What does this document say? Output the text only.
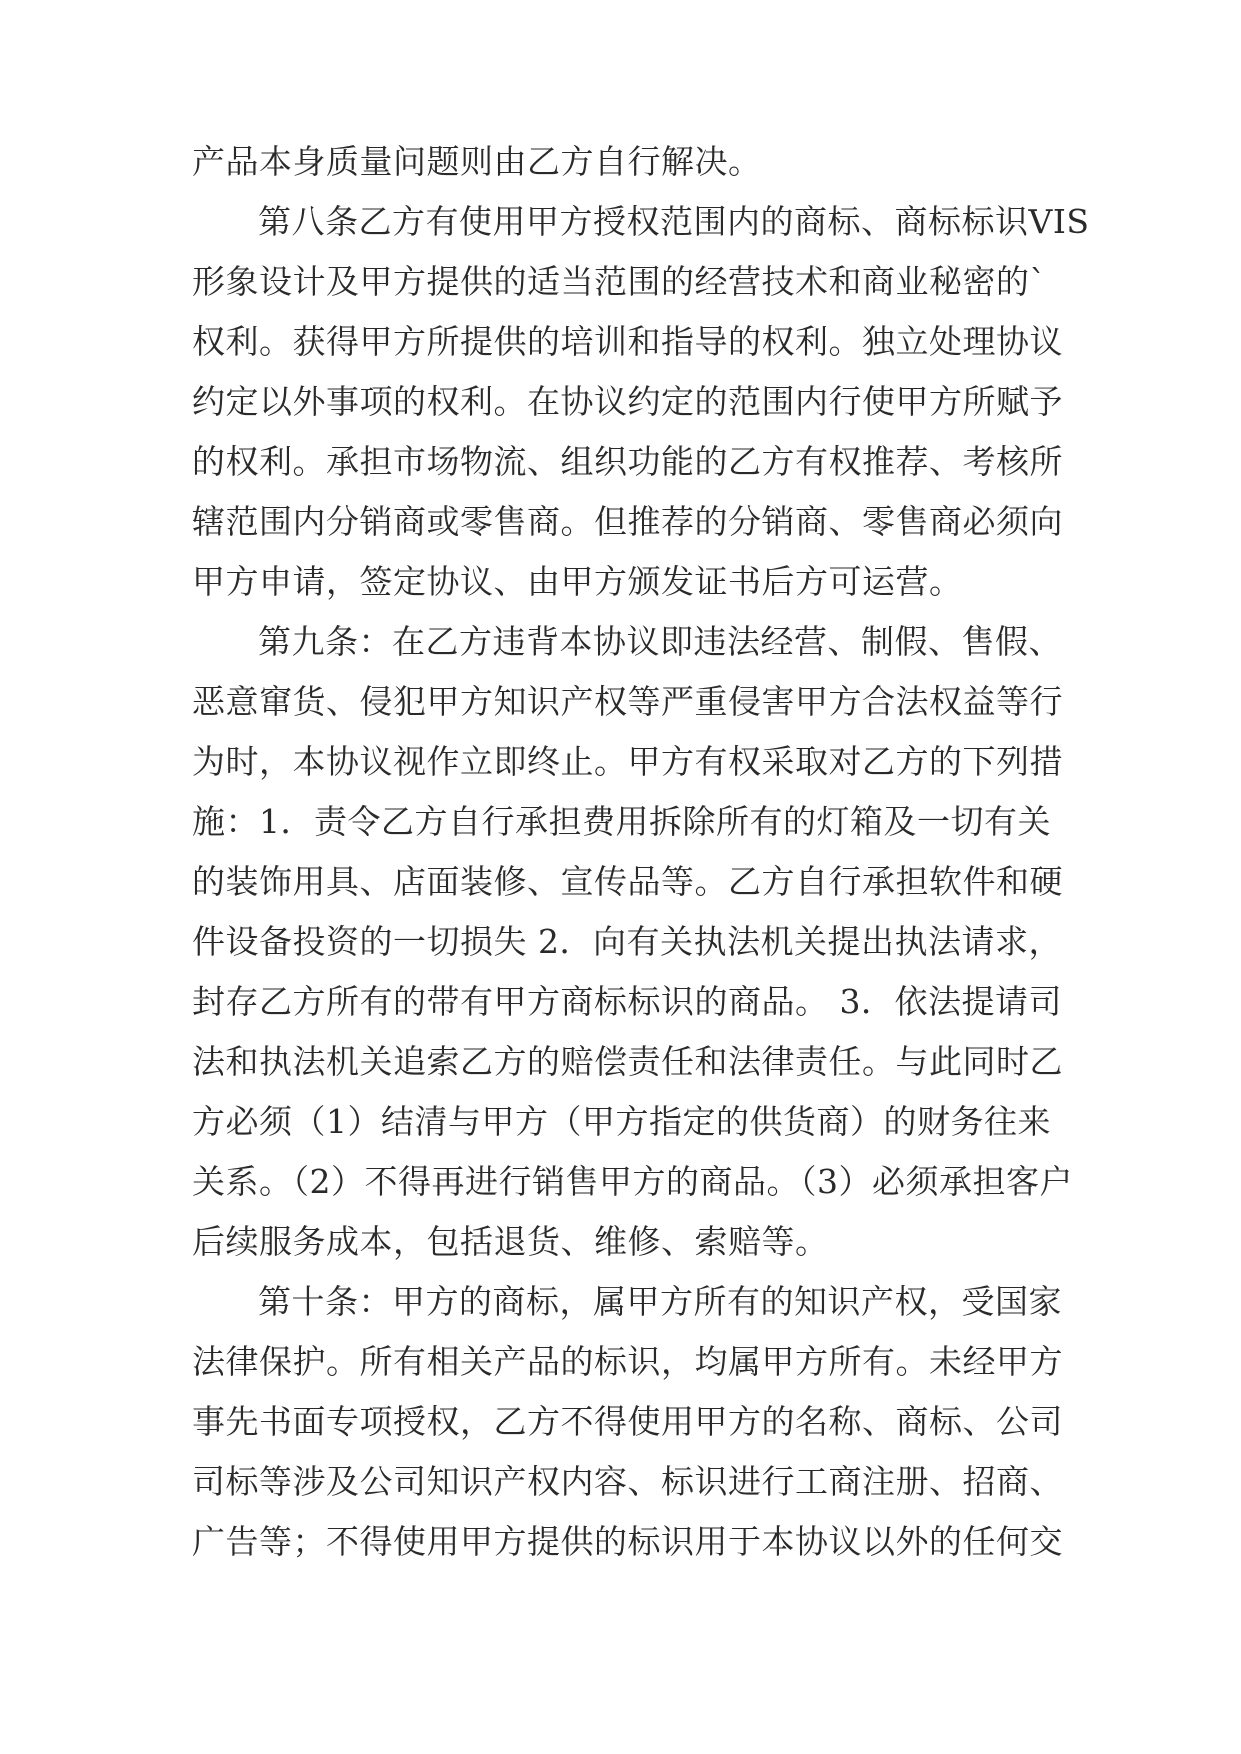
产品本身质量问题则由乙方自行解决。

第八条乙方有使用甲方授权范围内的商标、商标标识VIS

形象设计及甲方提供的适当范围的经营技术和商业秘密的`

权利。获得甲方所提供的培训和指导的权利。独立处理协议

约定以外事项的权利。在协议约定的范围内行使甲方所赋予

的权利。承担市场物流、组织功能的乙方有权推荐、考核所

辖范围内分销商或零售商。但推荐的分销商、零售商必须向

甲方申请，签定协议、由甲方颁发证书后方可运营。

第九条：在乙方违背本协议即违法经营、制假、售假、

恶意窜货、侵犯甲方知识产权等严重侵害甲方合法权益等行

为时，本协议视作立即终止。甲方有权采取对乙方的下列措

施：1．责令乙方自行承担费用拆除所有的灯箱及一切有关

的装饰用具、店面装修、宣传品等。乙方自行承担软件和硬

件设备投资的一切损失 2．向有关执法机关提出执法请求，

封存乙方所有的带有甲方商标标识的商品。 3．依法提请司

法和执法机关追索乙方的赔偿责任和法律责任。与此同时乙

方必须（1）结清与甲方（甲方指定的供货商）的财务往来

关系。（2）不得再进行销售甲方的商品。（3）必须承担客户

后续服务成本，包括退货、维修、索赔等。

第十条：甲方的商标，属甲方所有的知识产权，受国家

法律保护。所有相关产品的标识，均属甲方所有。未经甲方

事先书面专项授权，乙方不得使用甲方的名称、商标、公司

司标等涉及公司知识产权内容、标识进行工商注册、招商、

广告等；不得使用甲方提供的标识用于本协议以外的任何交
